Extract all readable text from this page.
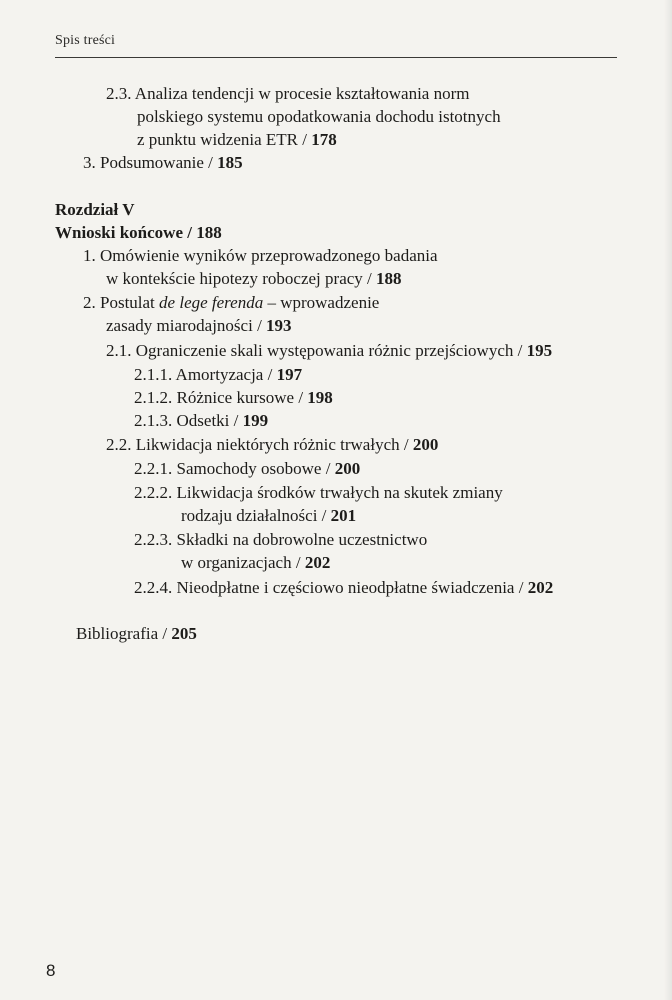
Spis treści
2.3. Analiza tendencji w procesie kształtowania norm
polskiego systemu opodatkowania dochodu istotnych
z punktu widzenia ETR / 178
3. Podsumowanie / 185
Rozdział V
Wnioski końcowe / 188
1. Omówienie wyników przeprowadzonego badania
w kontekście hipotezy roboczej pracy / 188
2. Postulat de lege ferenda – wprowadzenie
zasady miarodajności / 193
2.1. Ograniczenie skali występowania różnic przejściowych / 195
2.1.1. Amortyzacja / 197
2.1.2. Różnice kursowe / 198
2.1.3. Odsetki / 199
2.2. Likwidacja niektórych różnic trwałych / 200
2.2.1. Samochody osobowe / 200
2.2.2. Likwidacja środków trwałych na skutek zmiany
rodzaju działalności / 201
2.2.3. Składki na dobrowolne uczestnictwo
w organizacjach / 202
2.2.4. Nieodpłatne i częściowo nieodpłatne świadczenia / 202
Bibliografia / 205
8
